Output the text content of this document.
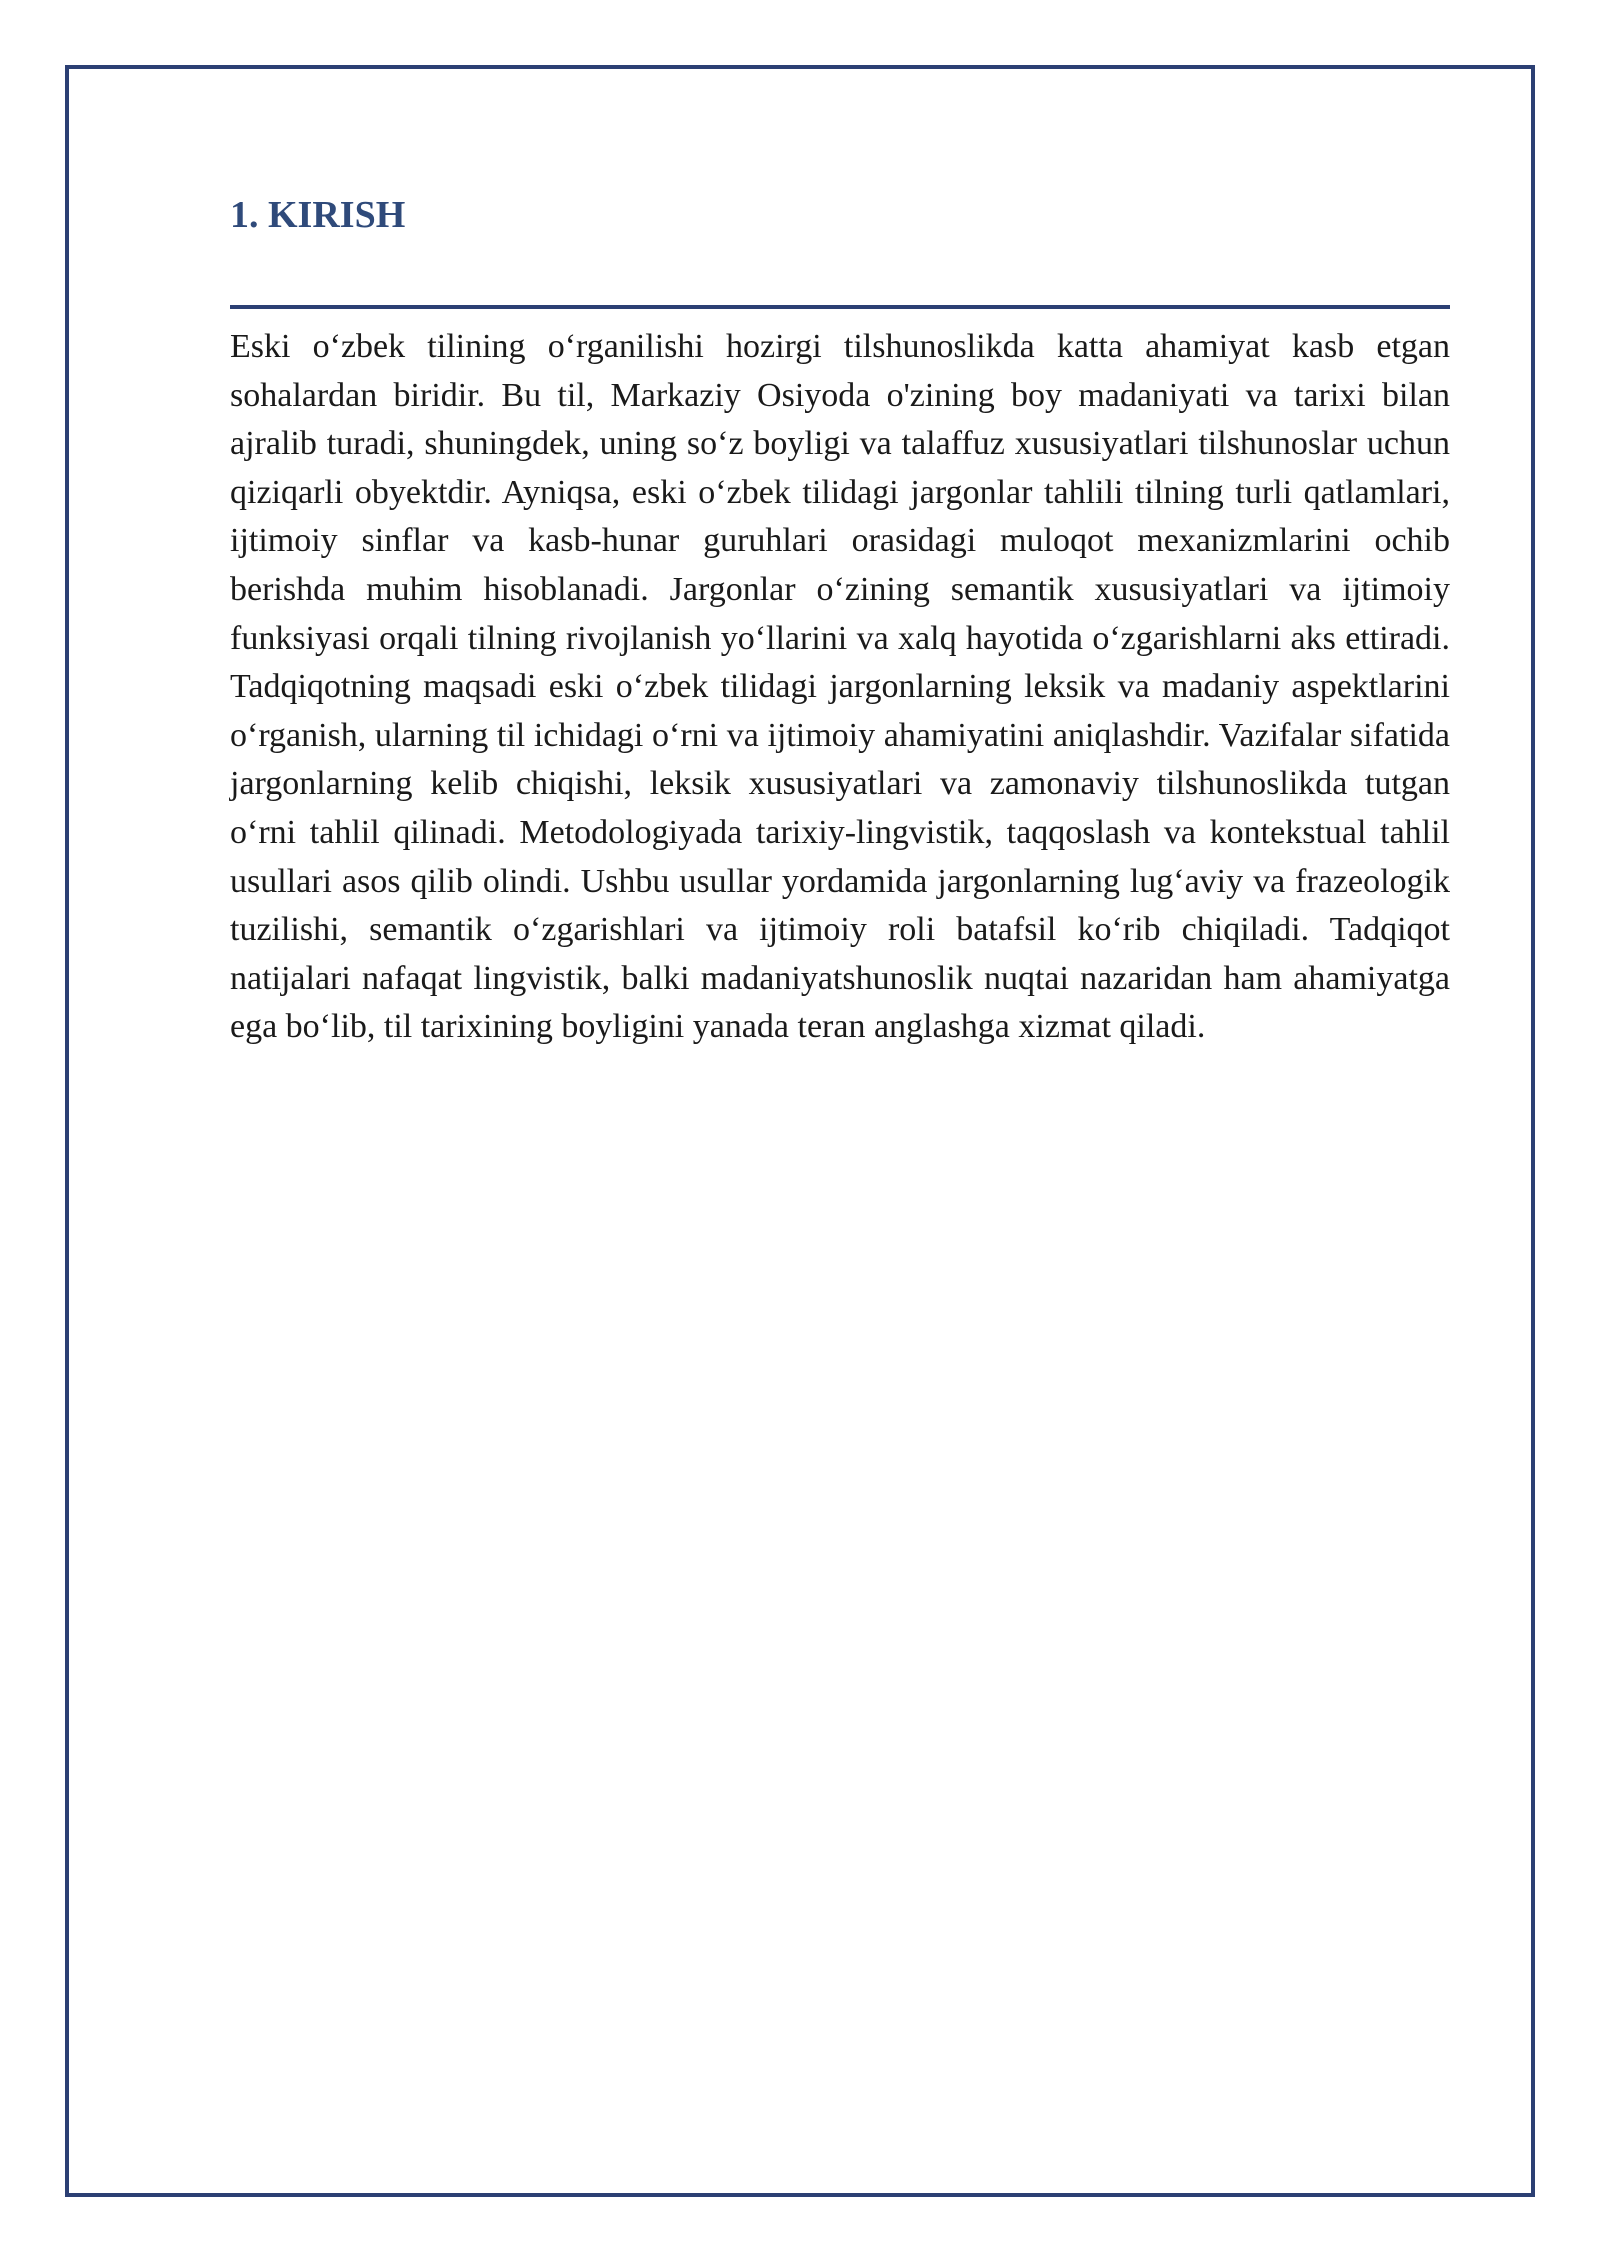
1. KIRISH

Eski o‘zbek tilining o‘rganilishi hozirgi tilshunoslikda katta ahamiyat kasb etgan sohalardan biridir. Bu til, Markaziy Osiyoda o'zining boy madaniyati va tarixi bilan ajralib turadi, shuningdek, uning so‘z boyligi va talaffuz xususiyatlari tilshunoslar uchun qiziqarli obyektdir. Ayniqsa, eski o‘zbek tilidagi jargonlar tahlili tilning turli qatlamlari, ijtimoiy sinflar va kasb-hunar guruhlari orasidagi muloqot mexanizmlarini ochib berishda muhim hisoblanadi. Jargonlar o‘zining semantik xususiyatlari va ijtimoiy funksiyasi orqali tilning rivojlanish yo‘llarini va xalq hayotida o‘zgarishlarni aks ettiradi. Tadqiqotning maqsadi eski o‘zbek tilidagi jargonlarning leksik va madaniy aspektlarini o‘rganish, ularning til ichidagi o‘rni va ijtimoiy ahamiyatini aniqlashdir. Vazifalar sifatida jargonlarning kelib chiqishi, leksik xususiyatlari va zamonaviy tilshunoslikda tutgan o‘rni tahlil qilinadi. Metodologiyada tarixiy-lingvistik, taqqoslash va kontekstual tahlil usullari asos qilib olindi. Ushbu usullar yordamida jargonlarning lug‘aviy va frazeologik tuzilishi, semantik o‘zgarishlari va ijtimoiy roli batafsil ko‘rib chiqiladi. Tadqiqot natijalari nafaqat lingvistik, balki madaniyatshunoslik nuqtai nazaridan ham ahamiyatga ega bo‘lib, til tarixining boyligini yanada teran anglashga xizmat qiladi.
